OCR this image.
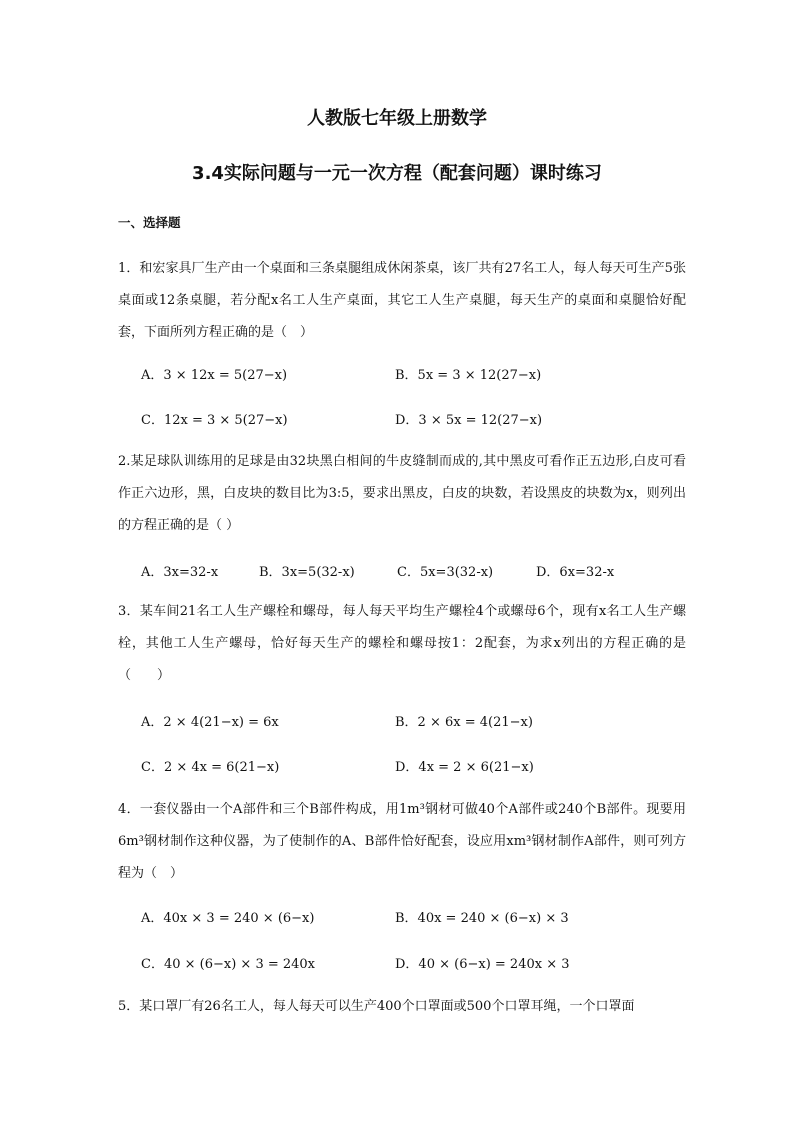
人教版七年级上册数学
3.4实际问题与一元一次方程（配套问题）课时练习
一、选择题
1．和宏家具厂生产由一个桌面和三条桌腿组成休闲茶桌，该厂共有27名工人，每人每天可生产5张桌面或12条桌腿，若分配x名工人生产桌面，其它工人生产桌腿，每天生产的桌面和桌腿恰好配套，下面所列方程正确的是（　）
A．3 × 12x = 5(27−x)	B．5x = 3 × 12(27−x)
C．12x = 3 × 5(27−x)	D．3 × 5x = 12(27−x)
2.某足球队训练用的足球是由32块黑白相间的牛皮缝制而成的,其中黑皮可看作正五边形,白皮可看作正六边形，黑，白皮块的数目比为3:5，要求出黑皮，白皮的块数，若设黑皮的块数为x，则列出的方程正确的是（ ）
A．3x=32-x	B．3x=5(32-x)	C．5x=3(32-x)	D．6x=32-x
3．某车间21名工人生产螺栓和螺母，每人每天平均生产螺栓4个或螺母6个，现有x名工人生产螺栓，其他工人生产螺母，恰好每天生产的螺栓和螺母按1：2配套，为求x列出的方程正确的是（　　）
A．2 × 4(21−x) = 6x	B．2 × 6x = 4(21−x)
C．2 × 4x = 6(21−x)	D．4x = 2 × 6(21−x)
4．一套仪器由一个A部件和三个B部件构成，用1m³钢材可做40个A部件或240个B部件。现要用6m³钢材制作这种仪器，为了使制作的A、B部件恰好配套，设应用xm³钢材制作A部件，则可列方程为（　）
A．40x × 3 = 240 × (6−x)	B．40x = 240 × (6−x) × 3
C．40 × (6−x) × 3 = 240x	D．40 × (6−x) = 240x × 3
5．某口罩厂有26名工人，每人每天可以生产400个口罩面或500个口罩耳绳，一个口罩面
